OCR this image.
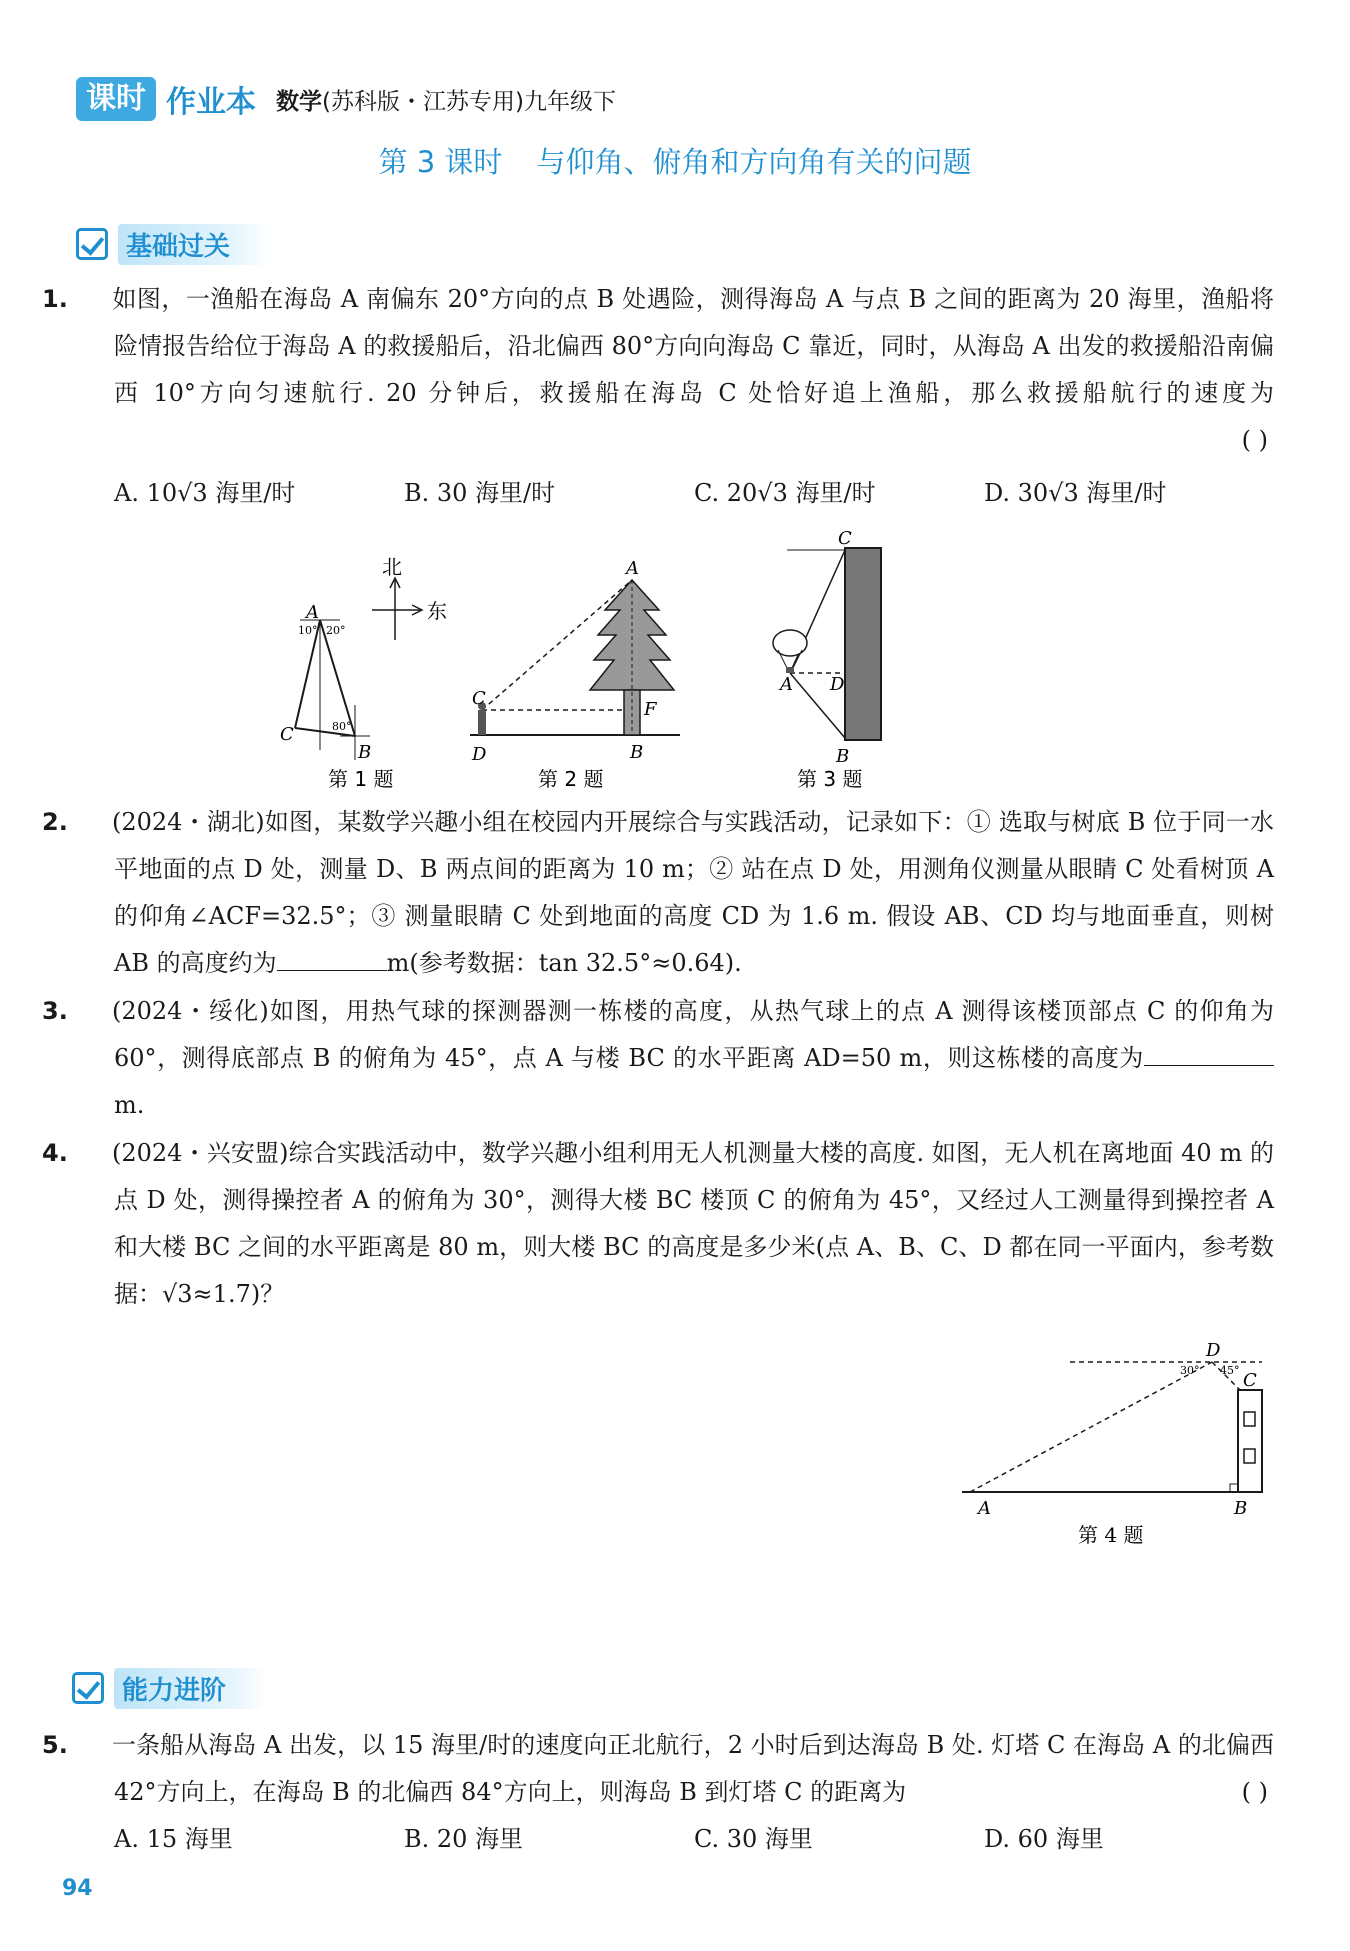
课时 作业本 数学(苏科版・江苏专用)九年级下
第 3 课时 与仰角、俯角和方向角有关的问题
基础过关

1. 如图，一渔船在海岛 A 南偏东 20°方向的点 B 处遇险，测得海岛 A 与点 B 之间的距离为 20 海里，渔船将险情报告给位于海岛 A 的救援船后，沿北偏西 80°方向向海岛 C 靠近，同时，从海岛 A 出发的救援船沿南偏西 10°方向匀速航行. 20 分钟后，救援船在海岛 C 处恰好追上渔船，那么救援船航行的速度为

( )
A. 10√3 海里/时	B. 30 海里/时	C. 20√3 海里/时	D. 30√3 海里/时
北
东
A
10° 20°
C	80°
B
第 1 题
A
C
F
D	B
第 2 题
C
A D
B
第 3 题

2. (2024・湖北)如图，某数学兴趣小组在校园内开展综合与实践活动，记录如下：① 选取与树底 B 位于同一水平地面的点 D 处，测量 D、B 两点间的距离为 10 m；② 站在点 D 处，用测角仪测量从眼睛 C 处看树顶 A 的仰角∠ACF=32.5°；③ 测量眼睛 C 处到地面的高度 CD 为 1.6 m. 假设 AB、CD 均与地面垂直，则树 AB 的高度约为	m(参考数据：tan 32.5°≈0.64).

3. (2024・绥化)如图，用热气球的探测器测一栋楼的高度，从热气球上的点 A 测得该楼顶部点 C 的仰角为 60°，测得底部点 B 的俯角为 45°，点 A 与楼 BC 的水平距离 AD=50 m，则这栋楼的高度为m.

4. (2024・兴安盟)综合实践活动中，数学兴趣小组利用无人机测量大楼的高度. 如图，无人机在离地面 40 m 的点 D 处，测得操控者 A 的俯角为 30°，测得大楼 BC 楼顶 C 的俯角为 45°，又经过人工测量得到操控者 A 和大楼 BC 之间的水平距离是 80 m，则大楼 BC 的高度是多少米(点 A、B、C、D 都在同一平面内，参考数据：√3≈1.7)？

D
30° 45° C
A	B
第 4 题
能力进阶

5. 一条船从海岛 A 出发，以 15 海里/时的速度向正北航行，2 小时后到达海岛 B 处. 灯塔 C 在海岛 A 的北偏西 42°方向上，在海岛 B 的北偏西 84°方向上，则海岛 B 到灯塔 C 的距离为	( )
A. 15 海里	B. 20 海里	C. 30 海里	D. 60 海里
94
